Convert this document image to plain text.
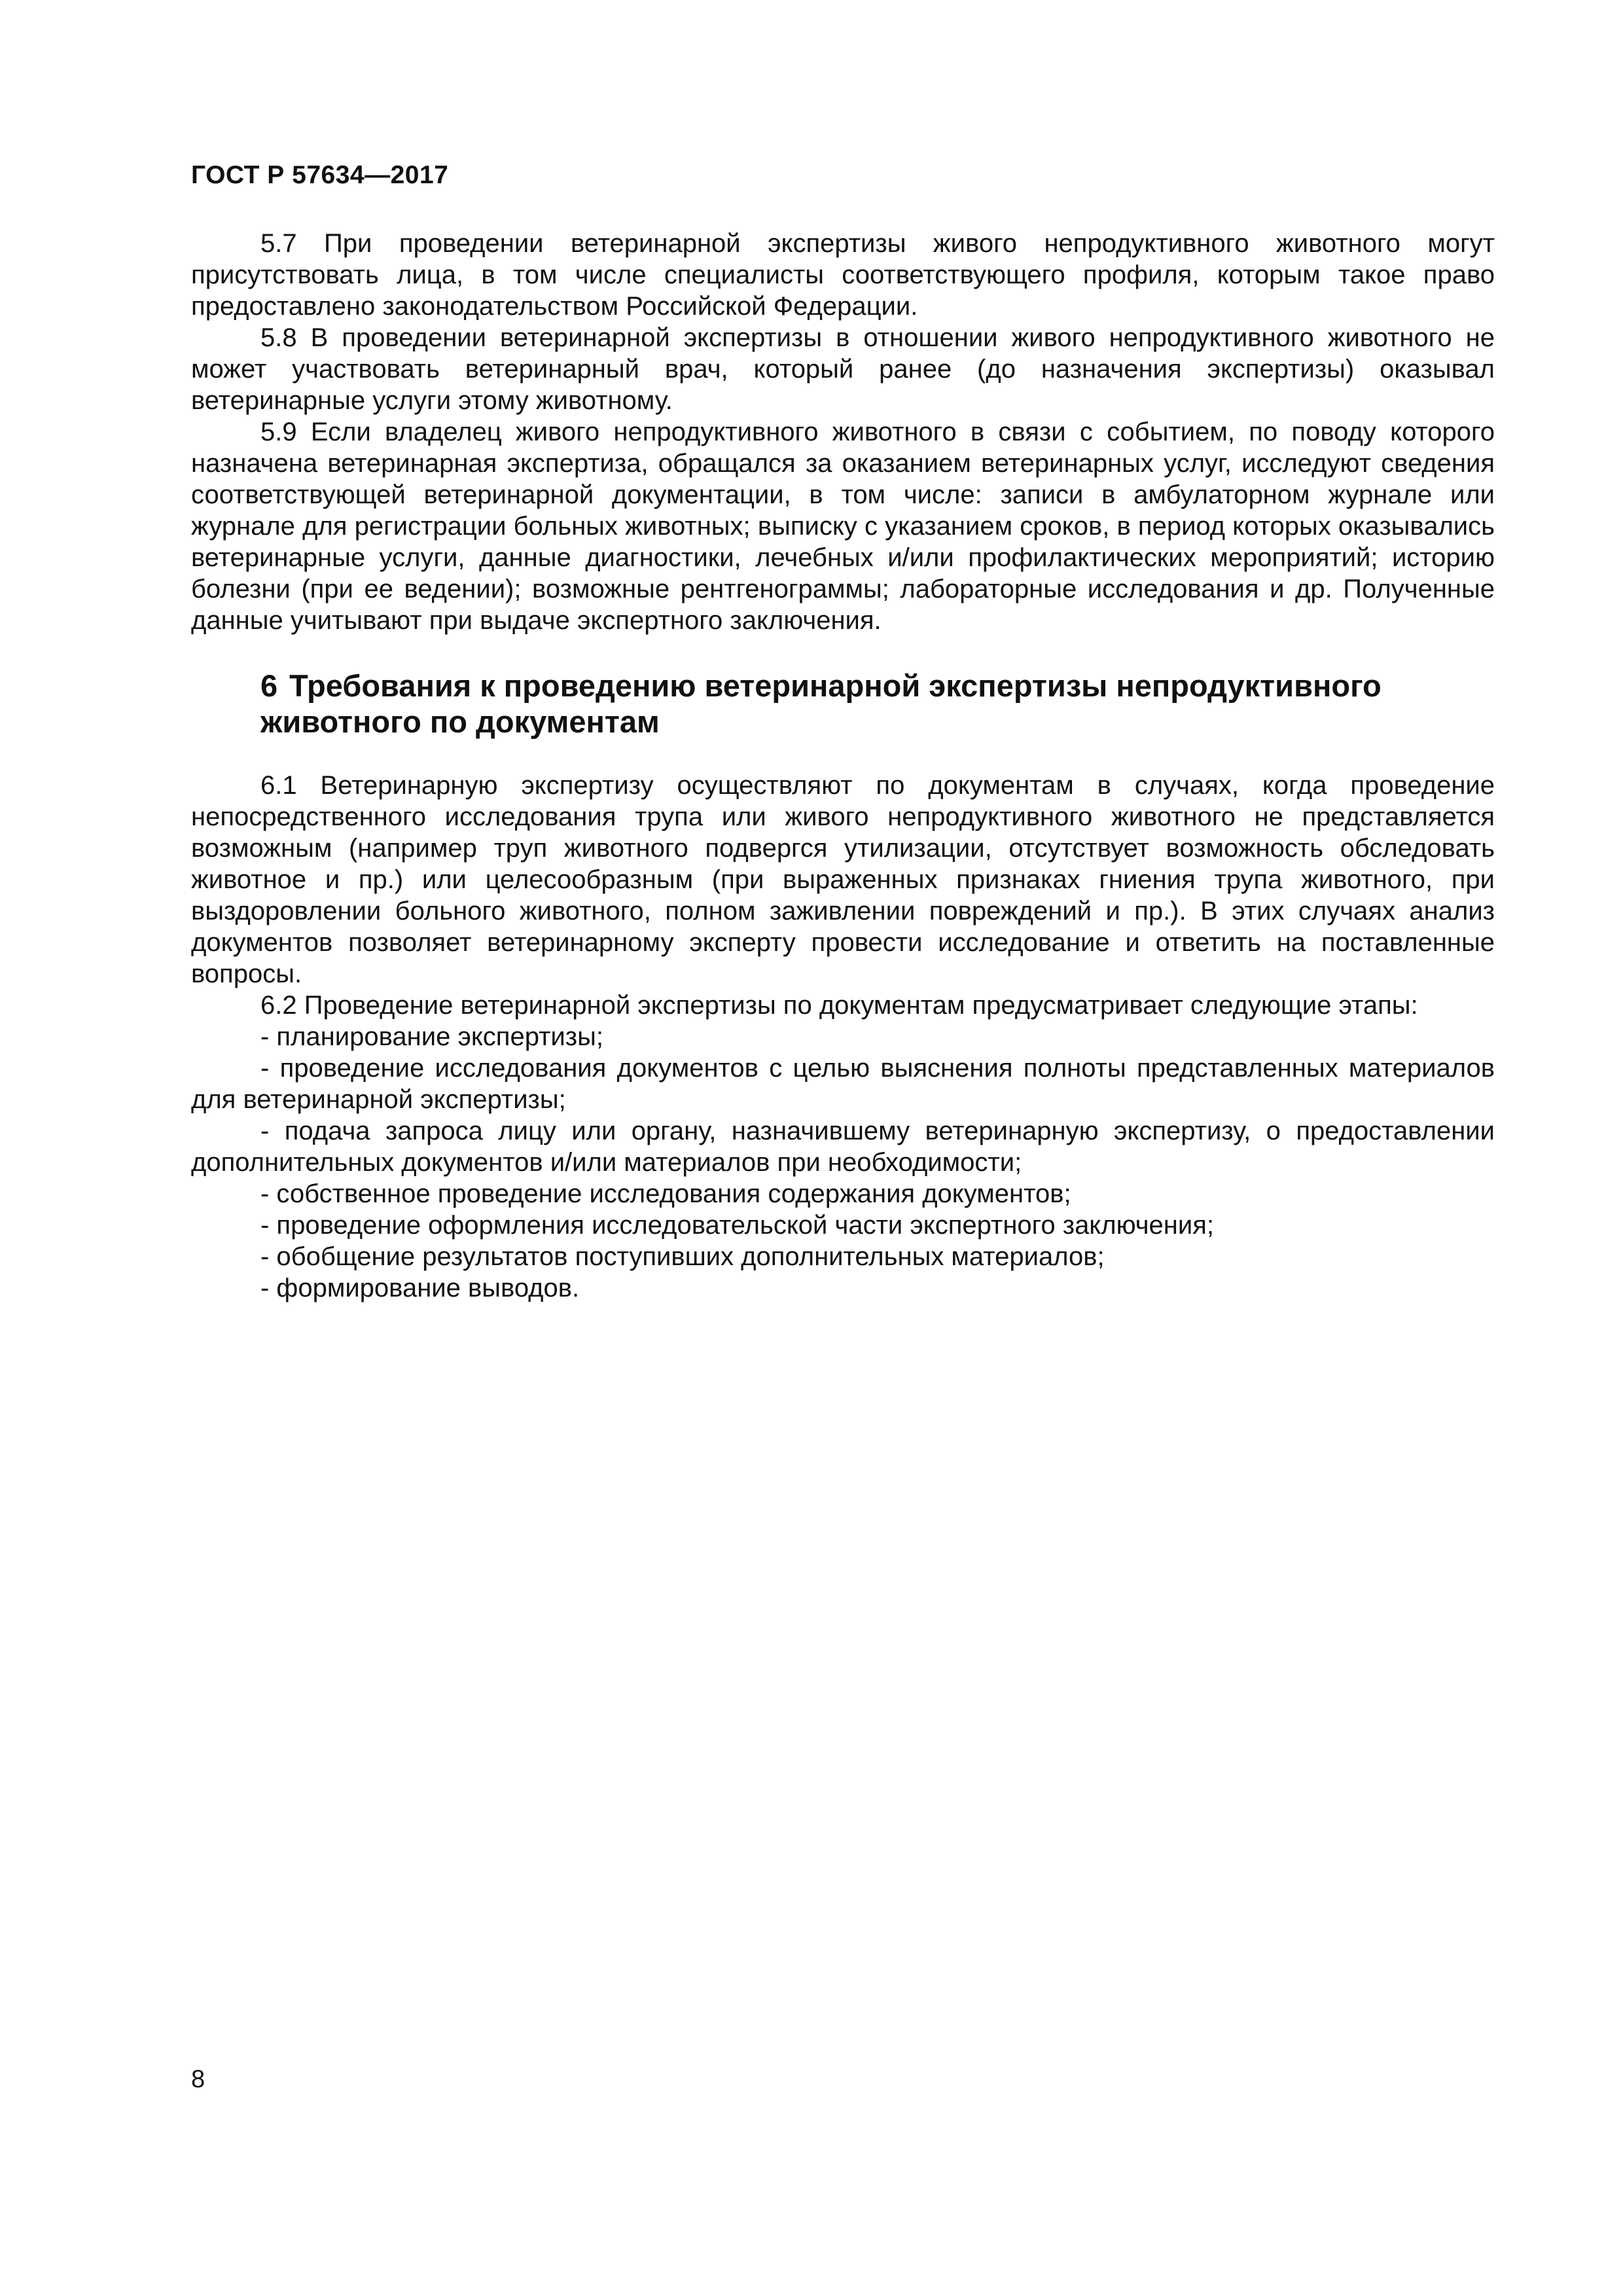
ГОСТ Р 57634—2017

5.7 При проведении ветеринарной экспертизы живого непродуктивного животного могут присутствовать лица, в том числе специалисты соответствующего профиля, которым такое право предоставлено законодательством Российской Федерации.

5.8 В проведении ветеринарной экспертизы в отношении живого непродуктивного животного не может участвовать ветеринарный врач, который ранее (до назначения экспертизы) оказывал ветеринарные услуги этому животному.

5.9 Если владелец живого непродуктивного животного в связи с событием, по поводу которого назначена ветеринарная экспертиза, обращался за оказанием ветеринарных услуг, исследуют сведения соответствующей ветеринарной документации, в том числе: записи в амбулаторном журнале или журнале для регистрации больных животных; выписку с указанием сроков, в период которых оказывались ветеринарные услуги, данные диагностики, лечебных и/или профилактических мероприятий; историю болезни (при ее ведении); возможные рентгенограммы; лабораторные исследования и др. Полученные данные учитывают при выдаче экспертного заключения.

6 Требования к проведению ветеринарной экспертизы непродуктивного животного по документам

6.1 Ветеринарную экспертизу осуществляют по документам в случаях, когда проведение непосредственного исследования трупа или живого непродуктивного животного не представляется возможным (например труп животного подвергся утилизации, отсутствует возможность обследовать животное и пр.) или целесообразным (при выраженных признаках гниения трупа животного, при выздоровлении больного животного, полном заживлении повреждений и пр.). В этих случаях анализ документов позволяет ветеринарному эксперту провести исследование и ответить на поставленные вопросы.

6.2 Проведение ветеринарной экспертизы по документам предусматривает следующие этапы:

- планирование экспертизы;

- проведение исследования документов с целью выяснения полноты представленных материалов для ветеринарной экспертизы;

- подача запроса лицу или органу, назначившему ветеринарную экспертизу, о предоставлении дополнительных документов и/или материалов при необходимости;

- собственное проведение исследования содержания документов;

- проведение оформления исследовательской части экспертного заключения;

- обобщение результатов поступивших дополнительных материалов;

- формирование выводов.

8
